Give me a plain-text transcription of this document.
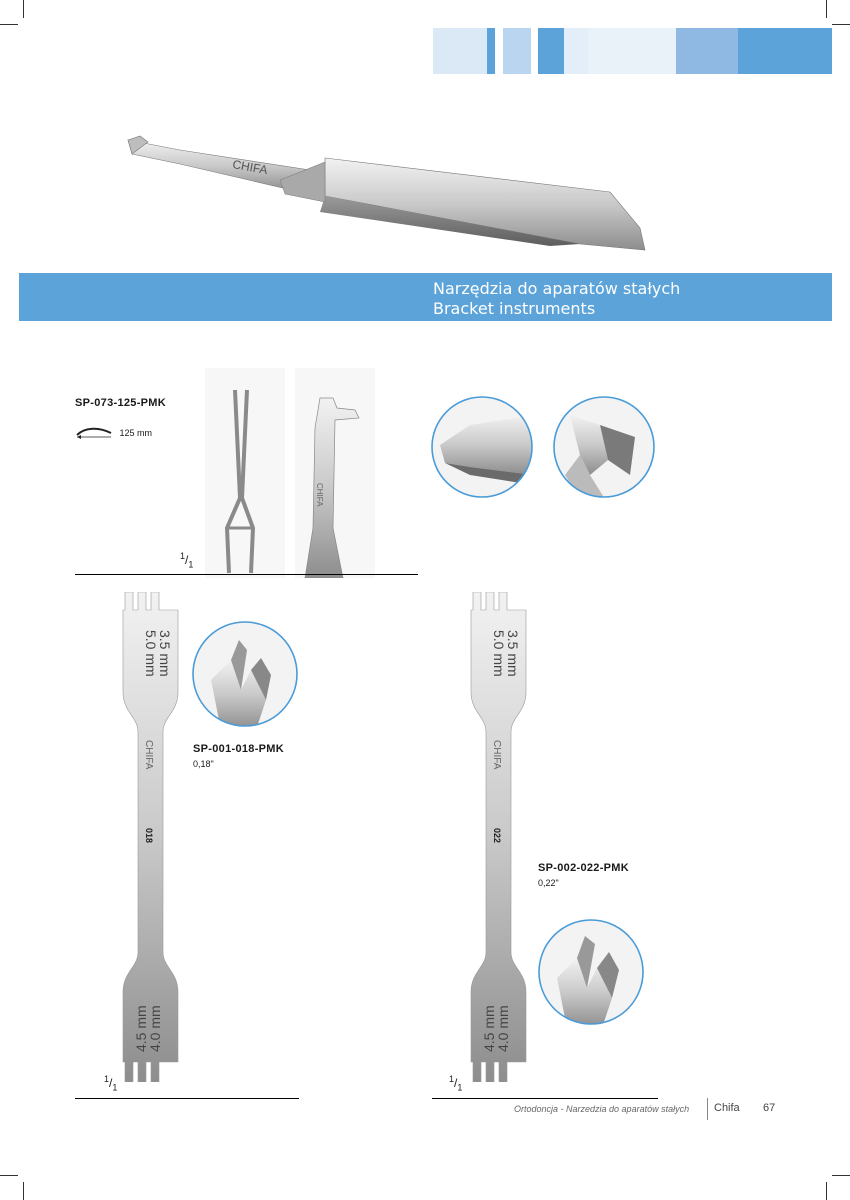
CHIFA
Narzędzia do aparatów stałych
Bracket instruments
SP-073-125-PMK
125 mm
CHIFA
$^1/_1$
3.5 mm
5.0 mm
CHIFA
018
4.5 mm
4.0 mm
SP-001-018-PMK
0,18"
$^1/_1$
3.5 mm
5.0 mm
CHIFA
022
4.5 mm
4.0 mm
SP-002-022-PMK
0,22"
$^1/_1$
Ortodoncja - Narzedzia do aparatów stałych Chifa 67
